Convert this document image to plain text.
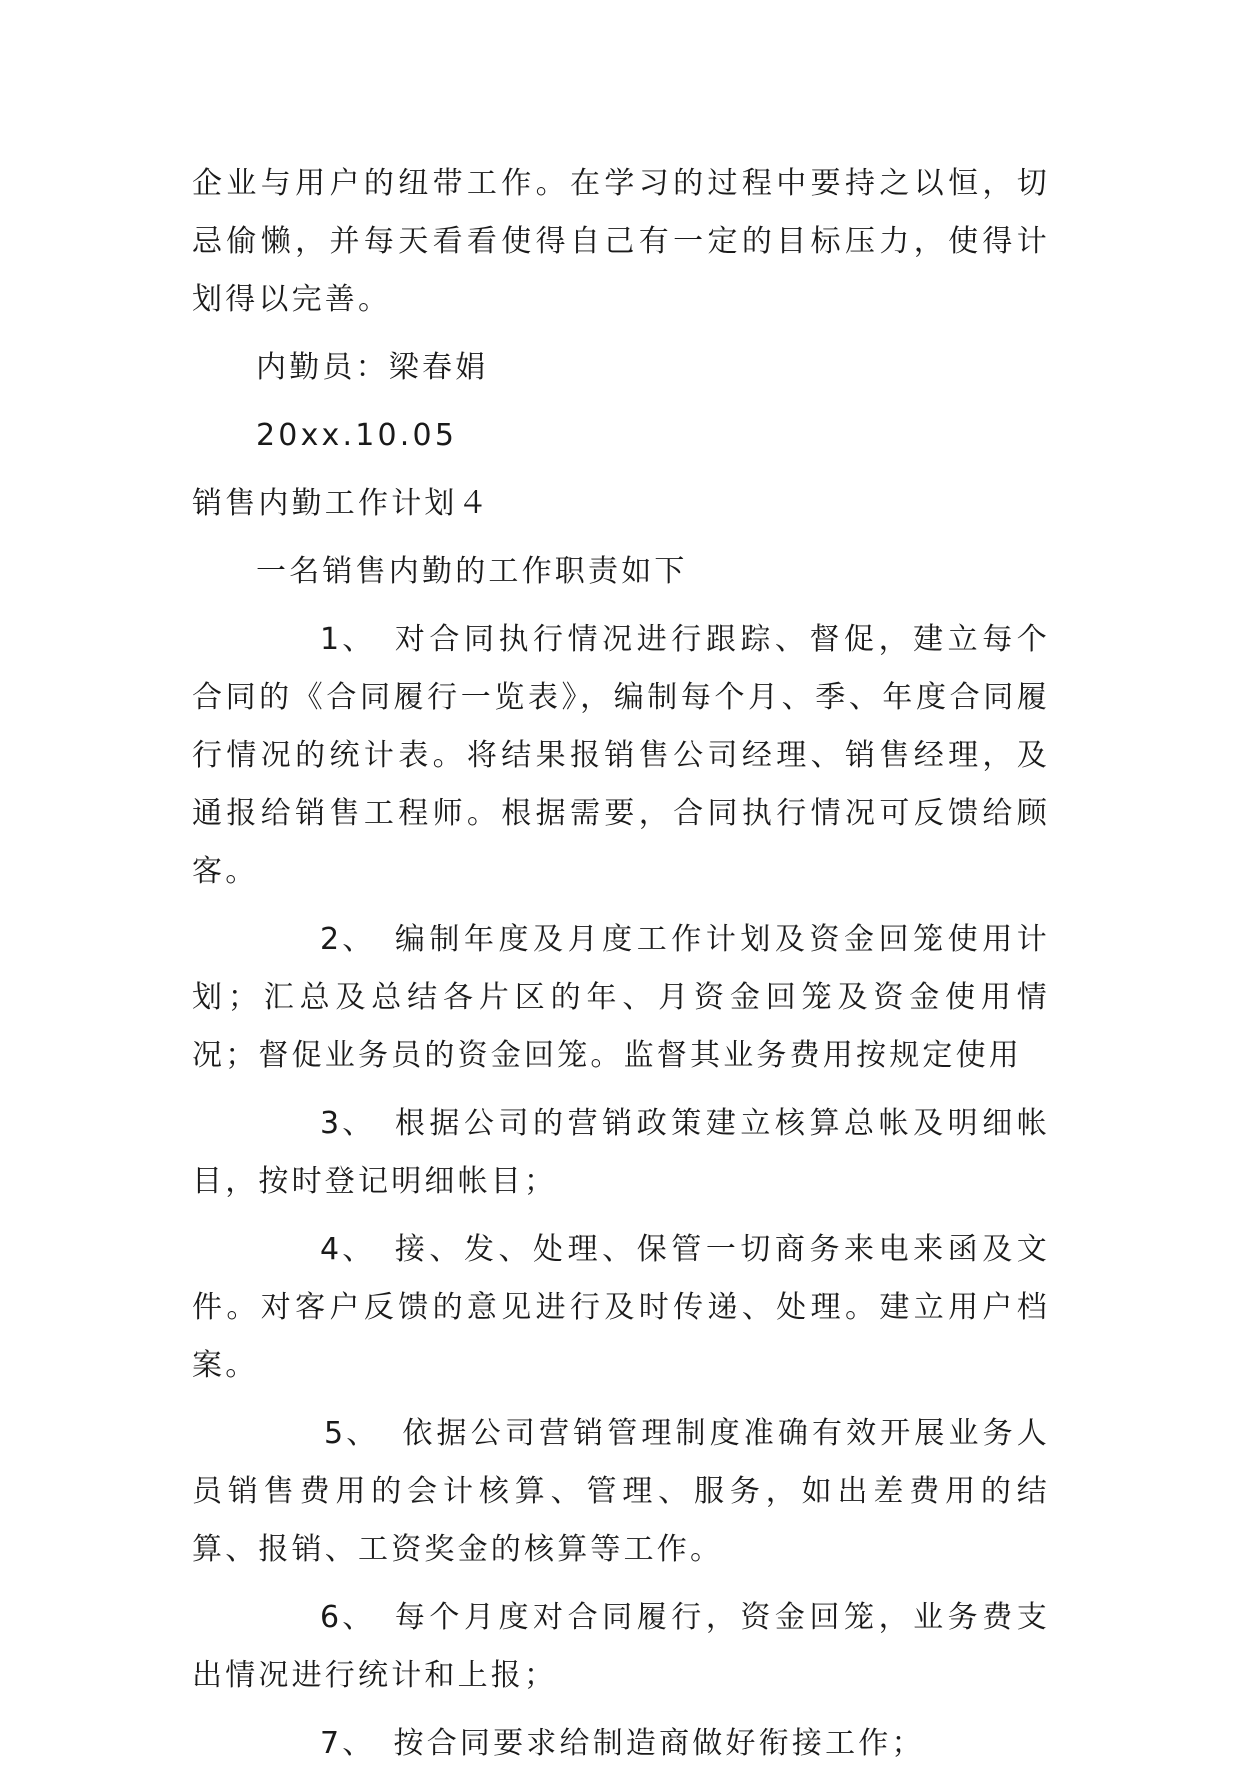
企业与用户的纽带工作。在学习的过程中要持之以恒，切忌偷懒，并每天看看使得自己有一定的目标压力，使得计划得以完善。

内勤员：梁春娟

20xx.10.05

销售内勤工作计划４

一名销售内勤的工作职责如下

1、 对合同执行情况进行跟踪、督促，建立每个合同的《合同履行一览表》，编制每个月、季、年度合同履行情况的统计表。将结果报销售公司经理、销售经理，及通报给销售工程师。根据需要，合同执行情况可反馈给顾客。

2、 编制年度及月度工作计划及资金回笼使用计划；汇总及总结各片区的年、月资金回笼及资金使用情况；督促业务员的资金回笼。监督其业务费用按规定使用

3、 根据公司的营销政策建立核算总帐及明细帐目，按时登记明细帐目；

4、 接、发、处理、保管一切商务来电来函及文件。对客户反馈的意见进行及时传递、处理。建立用户档案。

5、 依据公司营销管理制度准确有效开展业务人员销售费用的会计核算、管理、服务，如出差费用的结算、报销、工资奖金的核算等工作。

6、 每个月度对合同履行，资金回笼，业务费支出情况进行统计和上报；

7、 按合同要求给制造商做好衔接工作；
